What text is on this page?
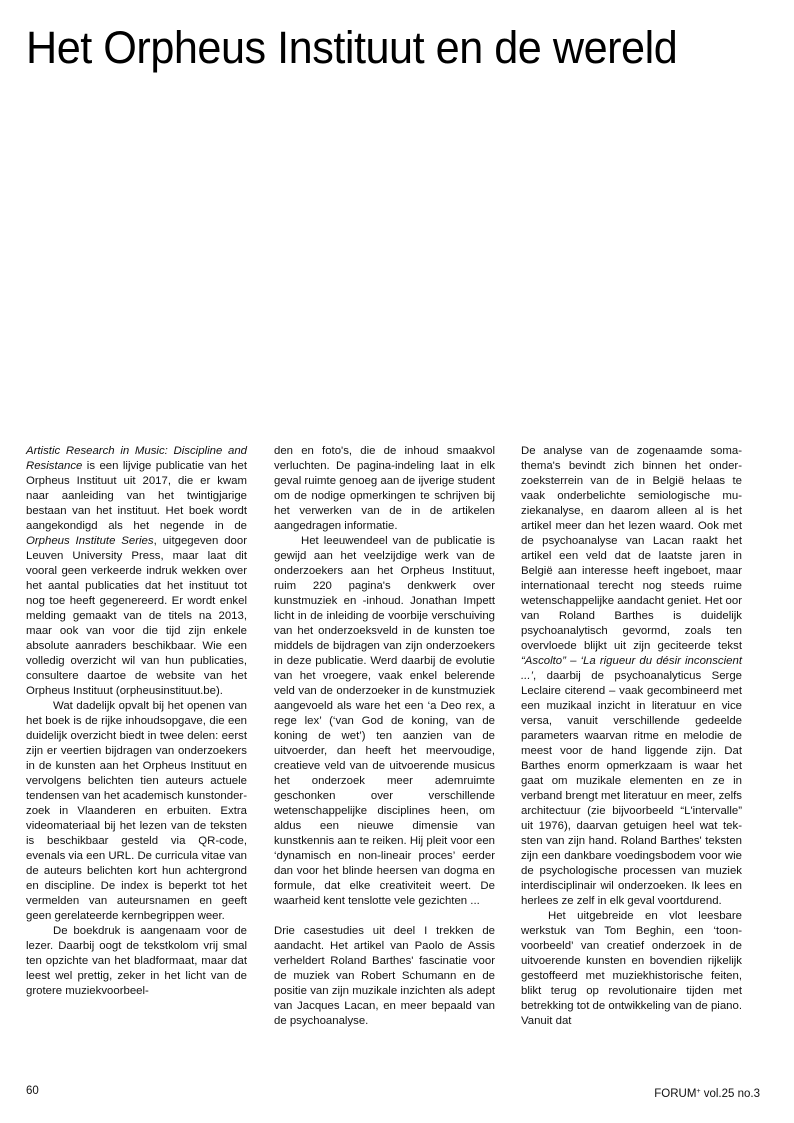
Het Orpheus Instituut en de wereld

Artistic Research in Music: Discipline and Resistance is een lijvige publicatie van het Orpheus Instituut uit 2017, die er kwam naar aanleiding van het twintigjarige bestaan van het instituut. Het boek wordt aangekondigd als het negende in de Orpheus Institute Series, uitgegeven door Leuven University Press, maar laat dit vooral geen verkeerde indruk wekken over het aantal publicaties dat het instituut tot nog toe heeft gegenereerd. Er wordt enkel melding gemaakt van de titels na 2013, maar ook van voor die tijd zijn enkele absolute aanraders beschikbaar. Wie een volledig overzicht wil van hun publicaties, consultere daartoe de website van het Orpheus Instituut (orpheusinstituut.be).

Wat dadelijk opvalt bij het openen van het boek is de rijke inhoudsopgave, die een duidelijk overzicht biedt in twee delen: eerst zijn er veertien bijdragen van onderzoekers in de kunsten aan het Orpheus Instituut en vervolgens belichten tien auteurs actuele tendensen van het academisch kunstonderzoek in Vlaanderen en erbuiten. Extra videomateriaal bij het lezen van de teksten is beschikbaar gesteld via QR-code, evenals via een URL. De curricula vitae van de auteurs belichten kort hun achtergrond en discipline. De index is beperkt tot het vermelden van auteursnamen en geeft geen gerelateerde kernbegrippen weer.

De boekdruk is aangenaam voor de lezer. Daarbij oogt de tekstkolom vrij smal ten opzichte van het bladformaat, maar dat leest wel prettig, zeker in het licht van de grotere muziekvoorbeel-

den en foto's, die de inhoud smaakvol verluchten. De pagina-indeling laat in elk geval ruimte genoeg aan de ijverige student om de nodige opmerkingen te schrijven bij het verwerken van de in de artikelen aangedragen informatie.

Het leeuwendeel van de publicatie is gewijd aan het veelzijdige werk van de onderzoekers aan het Orpheus Instituut, ruim 220 pagina's denkwerk over kunstmuziek en -inhoud. Jonathan Impett licht in de inleiding de voorbije verschuiving van het onderzoeksveld in de kunsten toe middels de bijdragen van zijn onderzoekers in deze publicatie. Werd daarbij de evolutie van het vroegere, vaak enkel belerende veld van de onderzoeker in de kunstmuziek aangevoeld als ware het een ‘a Deo rex, a rege lex’ (‘van God de koning, van de koning de wet’) ten aanzien van de uitvoerder, dan heeft het meervoudige, creatieve veld van de uitvoerende musicus het onderzoek meer ademruimte geschonken over verschillende wetenschappelijke disciplines heen, om aldus een nieuwe dimensie van kunstkennis aan te reiken. Hij pleit voor een ‘dynamisch en non-lineair proces’ eerder dan voor het blinde heersen van dogma en formule, dat elke creativiteit weert. De waarheid kent tenslotte vele gezichten ...

Drie casestudies uit deel I trekken de aandacht. Het artikel van Paolo de Assis verheldert Roland Barthes' fascinatie voor de muziek van Robert Schumann en de positie van zijn muzikale inzichten als adept van Jacques Lacan, en meer bepaald van de psychoanalyse.

De analyse van de zogenaamde soma-thema's bevindt zich binnen het onderzoeksterrein van de in België helaas te vaak onderbelichte semiologische muziekanalyse, en daarom alleen al is het artikel meer dan het lezen waard. Ook met de psychoanalyse van Lacan raakt het artikel een veld dat de laatste jaren in België aan interesse heeft ingeboet, maar internationaal terecht nog steeds ruime wetenschappelijke aandacht geniet. Het oor van Roland Barthes is duidelijk psychoanalytisch gevormd, zoals ten overvloede blijkt uit zijn geciteerde tekst “Ascolto” – ‘La rigueur du désir inconscient ...’, daarbij de psychoanalyticus Serge Leclaire citerend – vaak gecombineerd met een muzikaal inzicht in literatuur en vice versa, vanuit verschillende gedeelde parameters waarvan ritme en melodie de meest voor de hand liggende zijn. Dat Barthes enorm opmerkzaam is waar het gaat om muzikale elementen en ze in verband brengt met literatuur en meer, zelfs architectuur (zie bijvoorbeeld “L'intervalle” uit 1976), daarvan getuigen heel wat teksten van zijn hand. Roland Barthes' teksten zijn een dankbare voedingsbodem voor wie de psychologische processen van muziek interdisciplinair wil onderzoeken. Ik lees en herlees ze zelf in elk geval voortdurend.

Het uitgebreide en vlot leesbare werkstuk van Tom Beghin, een ‘toonvoorbeeld’ van creatief onderzoek in de uitvoerende kunsten en bovendien rijkelijk gestoffeerd met muziekhistorische feiten, blikt terug op revolutionaire tijden met betrekking tot de ontwikkeling van de piano. Vanuit dat

60	FORUM+ vol.25 no.3
